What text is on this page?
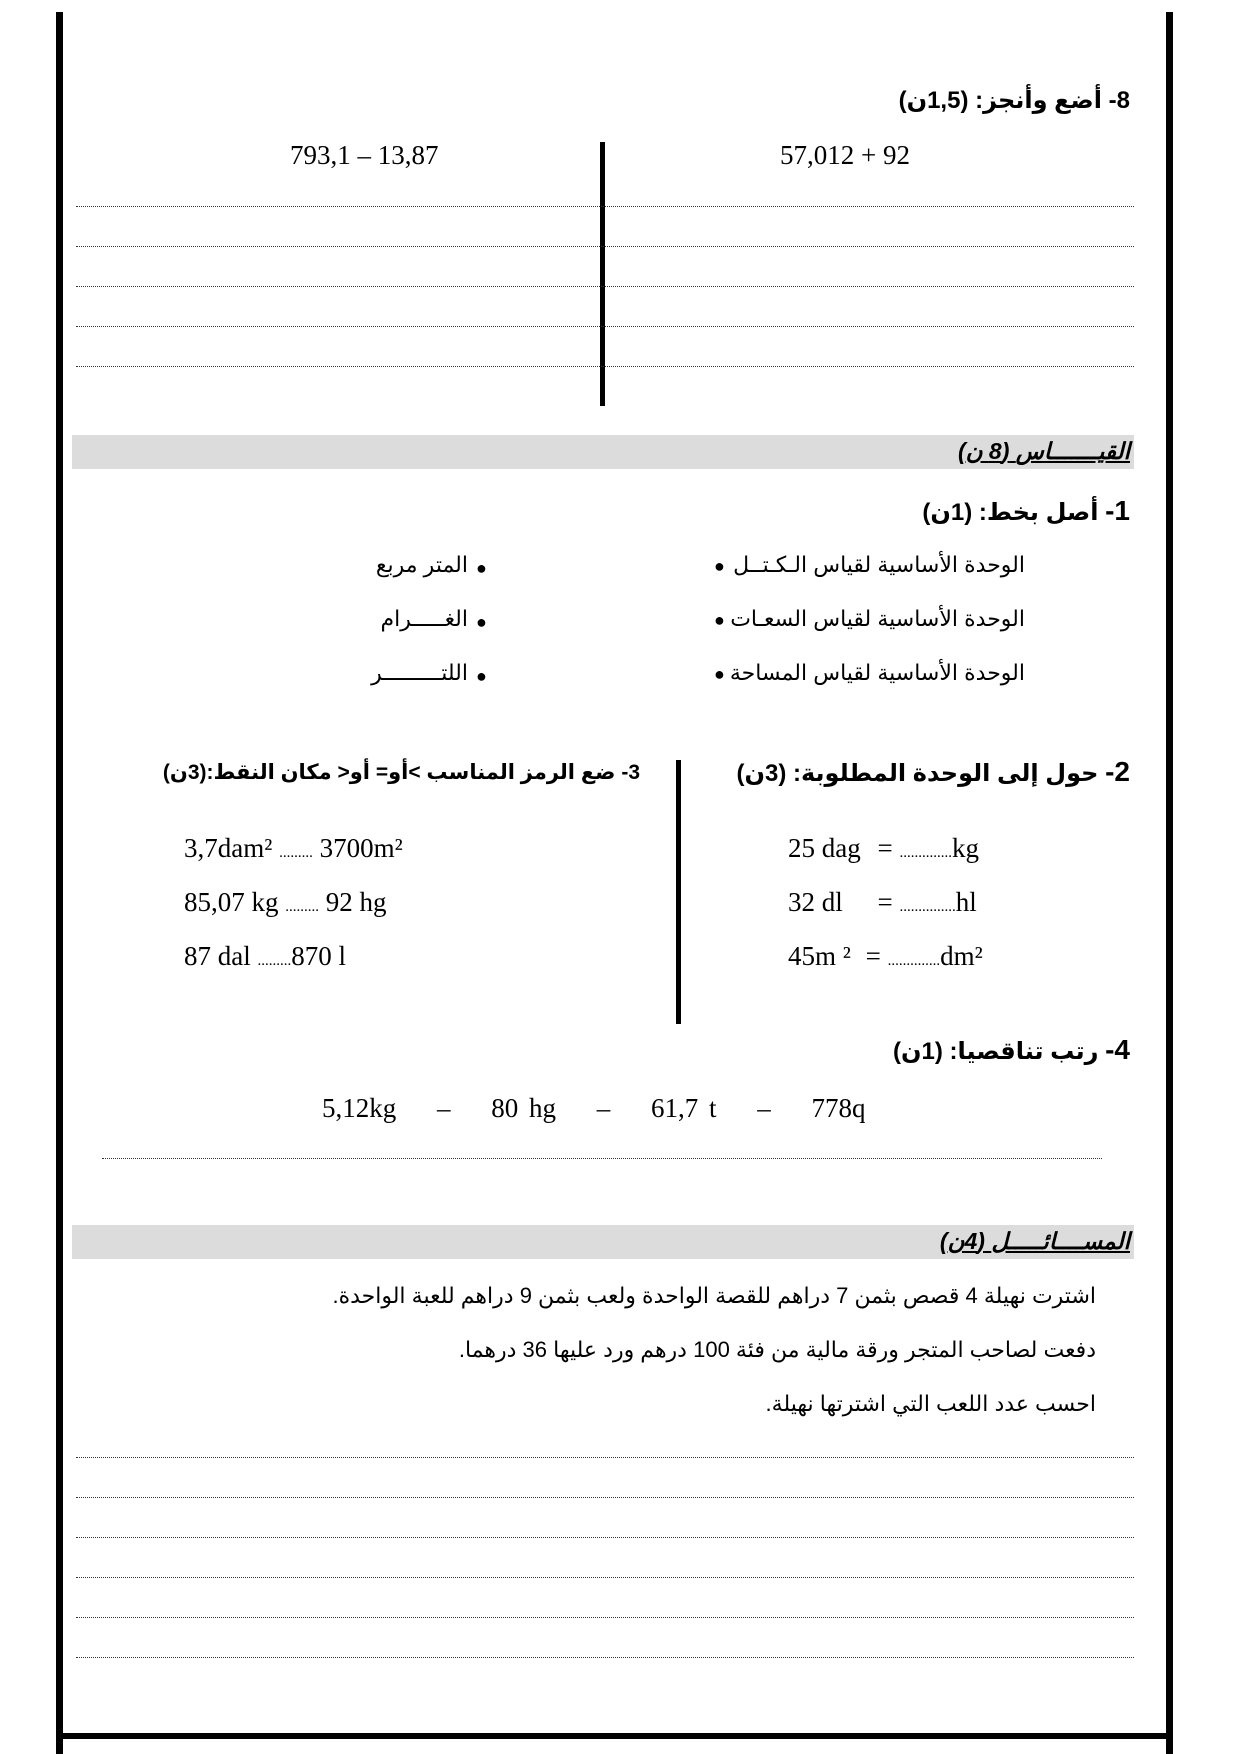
8- أضع وأنجز: (1,5ن)
793,1 – 13,87	57,012 + 92
القيـــــــاس (8 ن)
1- أصل بخط: (1ن)
الوحدة الأساسية لقياس الـكـتــل
●
الوحدة الأساسية لقياس السعـات
●
الوحدة الأساسية لقياس المساحة
●
●
المتر مربع
●
الغـــــرام
●
اللتـــــــــر
2- حول إلى الوحدة المطلوبة: (3ن)
3- ضع الرمز المناسب >أو= أو< مكان النقط:(3ن)
25 dag = ..............kg
32 dl = ...............hl
45m ² = ..............dm²
3,7dam² ......... 3700m²
85,07 kg ......... 92 hg
87 dal .........870 l
4- رتب تناقصيا: (1ن)
5,12kg – 80 hg – 61,7 t – 778q
المســــائـــــل (4ن)
اشترت نهيلة 4 قصص بثمن 7 دراهم للقصة الواحدة ولعب بثمن 9 دراهم للعبة الواحدة.
دفعت لصاحب المتجر ورقة مالية من فئة 100 درهم ورد عليها 36 درهما.
احسب عدد اللعب التي اشترتها نهيلة.
